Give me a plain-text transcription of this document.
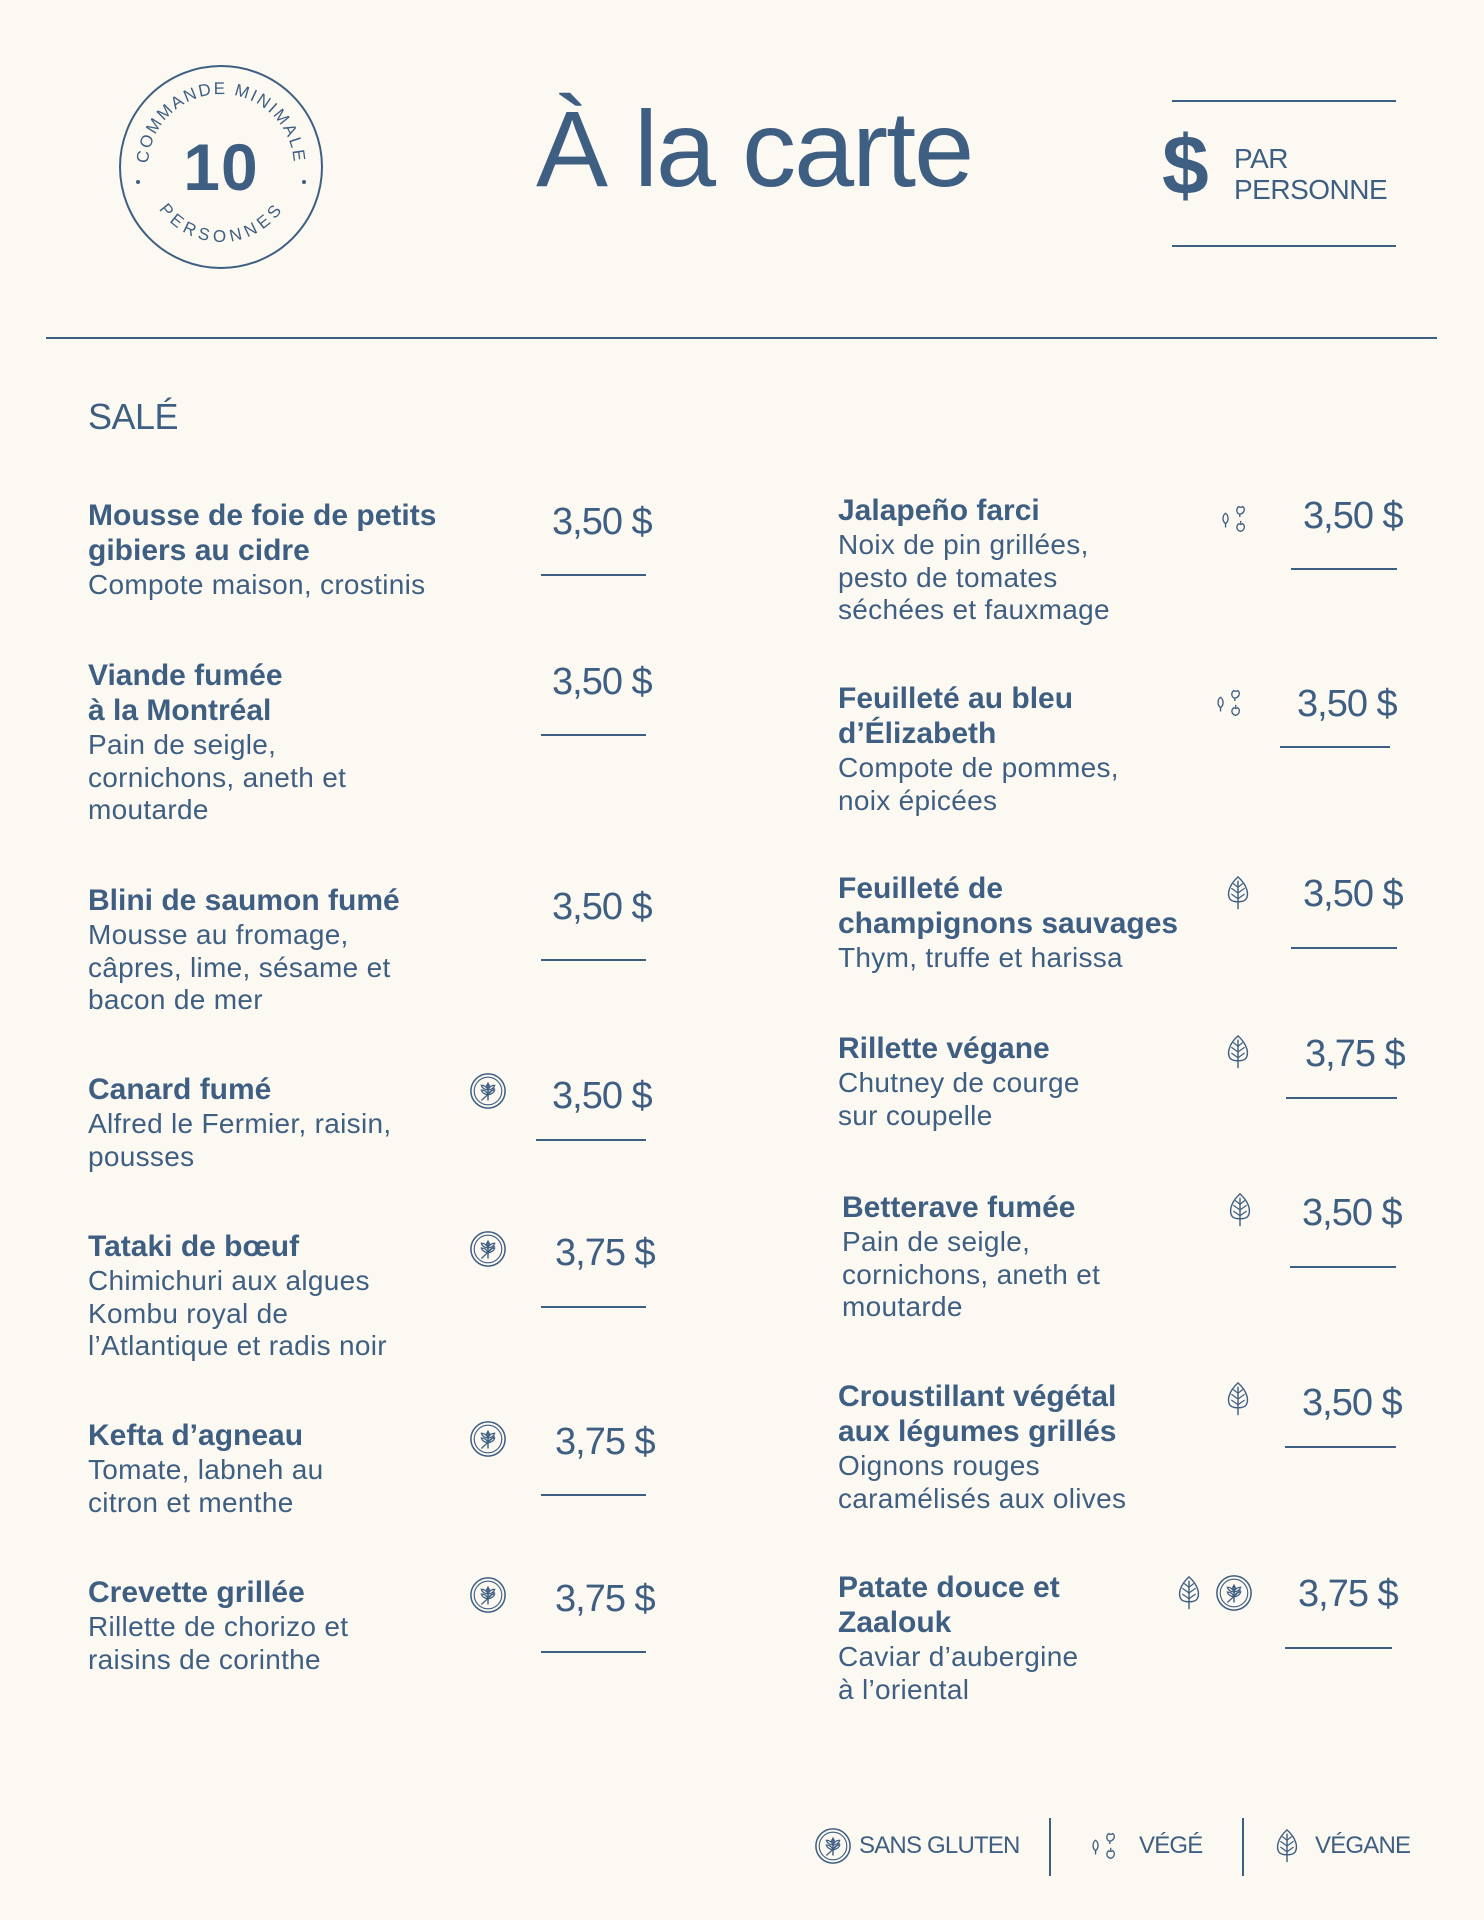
COMMANDE MINIMALE
PERSONNES
10	À la carte $ PAR
PERSONNE
SALÉ
Mousse de foie de petits
gibiers au cidre
Compote maison, crostinis
3,50 $
Viande fumée
à la Montréal
Pain de seigle,
cornichons, aneth et
moutarde
3,50 $
Blini de saumon fumé
Mousse au fromage,
câpres, lime, sésame et
bacon de mer
3,50 $
Canard fumé
Alfred le Fermier, raisin,
pousses
3,50 $
Tataki de bœuf
Chimichuri aux algues
Kombu royal de
l’Atlantique et radis noir
3,75 $
Kefta d’agneau
Tomate, labneh au
citron et menthe
3,75 $
Crevette grillée
Rillette de chorizo et
raisins de corinthe
3,75 $
Jalapeño farci
Noix de pin grillées,
pesto de tomates
séchées et fauxmage
3,50 $
Feuilleté au bleu
d’Élizabeth
Compote de pommes,
noix épicées
3,50 $
Feuilleté de
champignons sauvages
Thym, truffe et harissa
3,50 $
Rillette végane
Chutney de courge
sur coupelle
3,75 $
Betterave fumée
Pain de seigle,
cornichons, aneth et
moutarde
3,50 $
Croustillant végétal
aux légumes grillés
Oignons rouges
caramélisés aux olives
3,50 $
Patate douce et
Zaalouk
Caviar d’aubergine
à l’oriental
3,75 $
SANS GLUTEN	VÉGÉ	VÉGANE
